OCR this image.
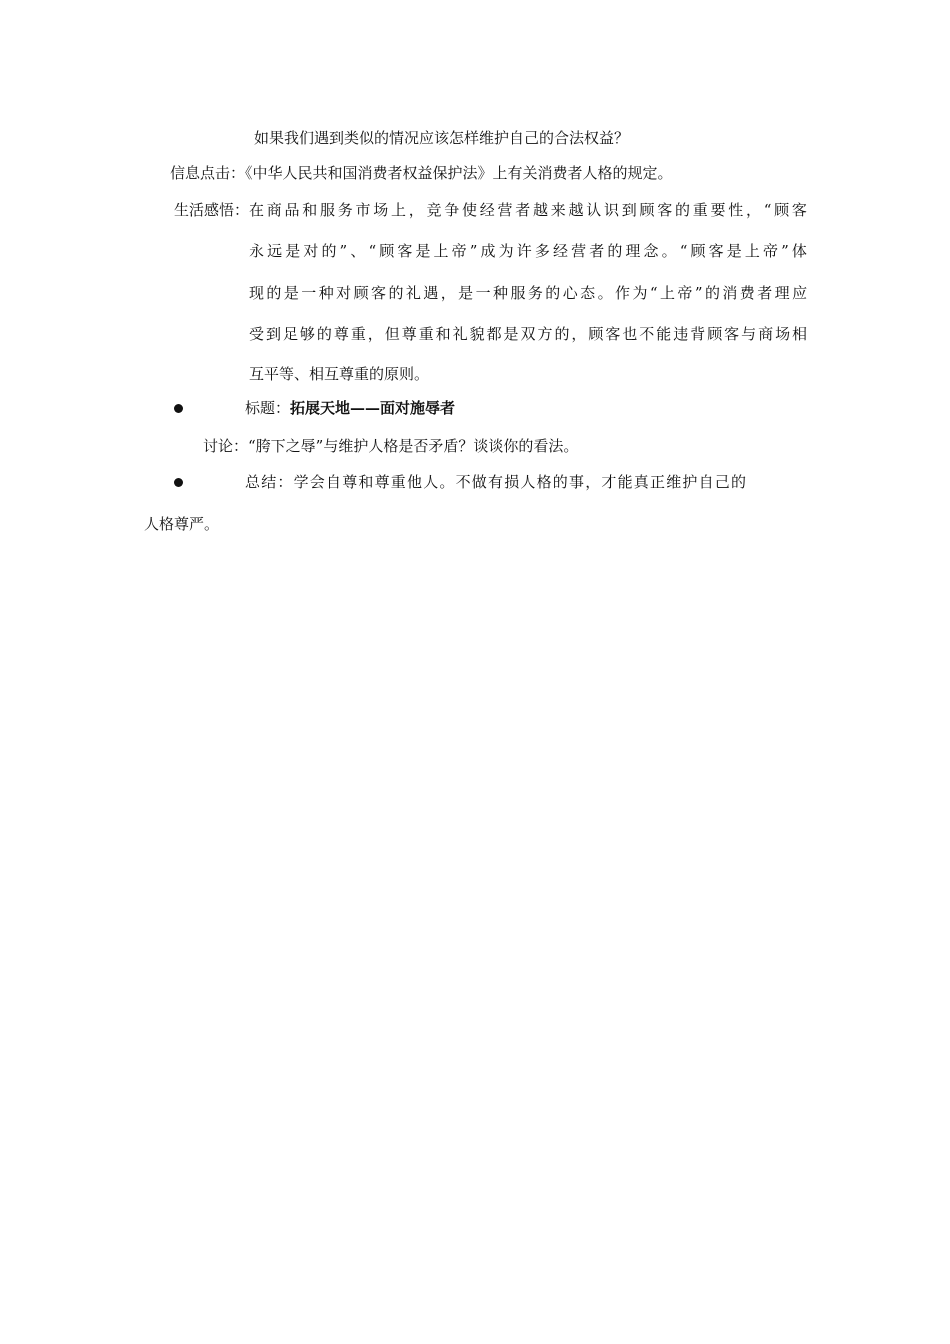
如果我们遇到类似的情况应该怎样维护自己的合法权益？
信息点击：《中华人民共和国消费者权益保护法》上有关消费者人格的规定。
生活感悟： 在商品和服务市场上，竞争使经营者越来越认识到顾客的重要性，“顾客
永远是对的”、“顾客是上帝”成为许多经营者的理念。“顾客是上帝”体
现的是一种对顾客的礼遇，是一种服务的心态。作为“上帝”的消费者理应
受到足够的尊重，但尊重和礼貌都是双方的，顾客也不能违背顾客与商场相
互平等、相互尊重的原则。
标题：拓展天地——面对施辱者
讨论：“胯下之辱”与维护人格是否矛盾？谈谈你的看法。
总结：学会自尊和尊重他人。不做有损人格的事，才能真正维护自己的
人格尊严。
